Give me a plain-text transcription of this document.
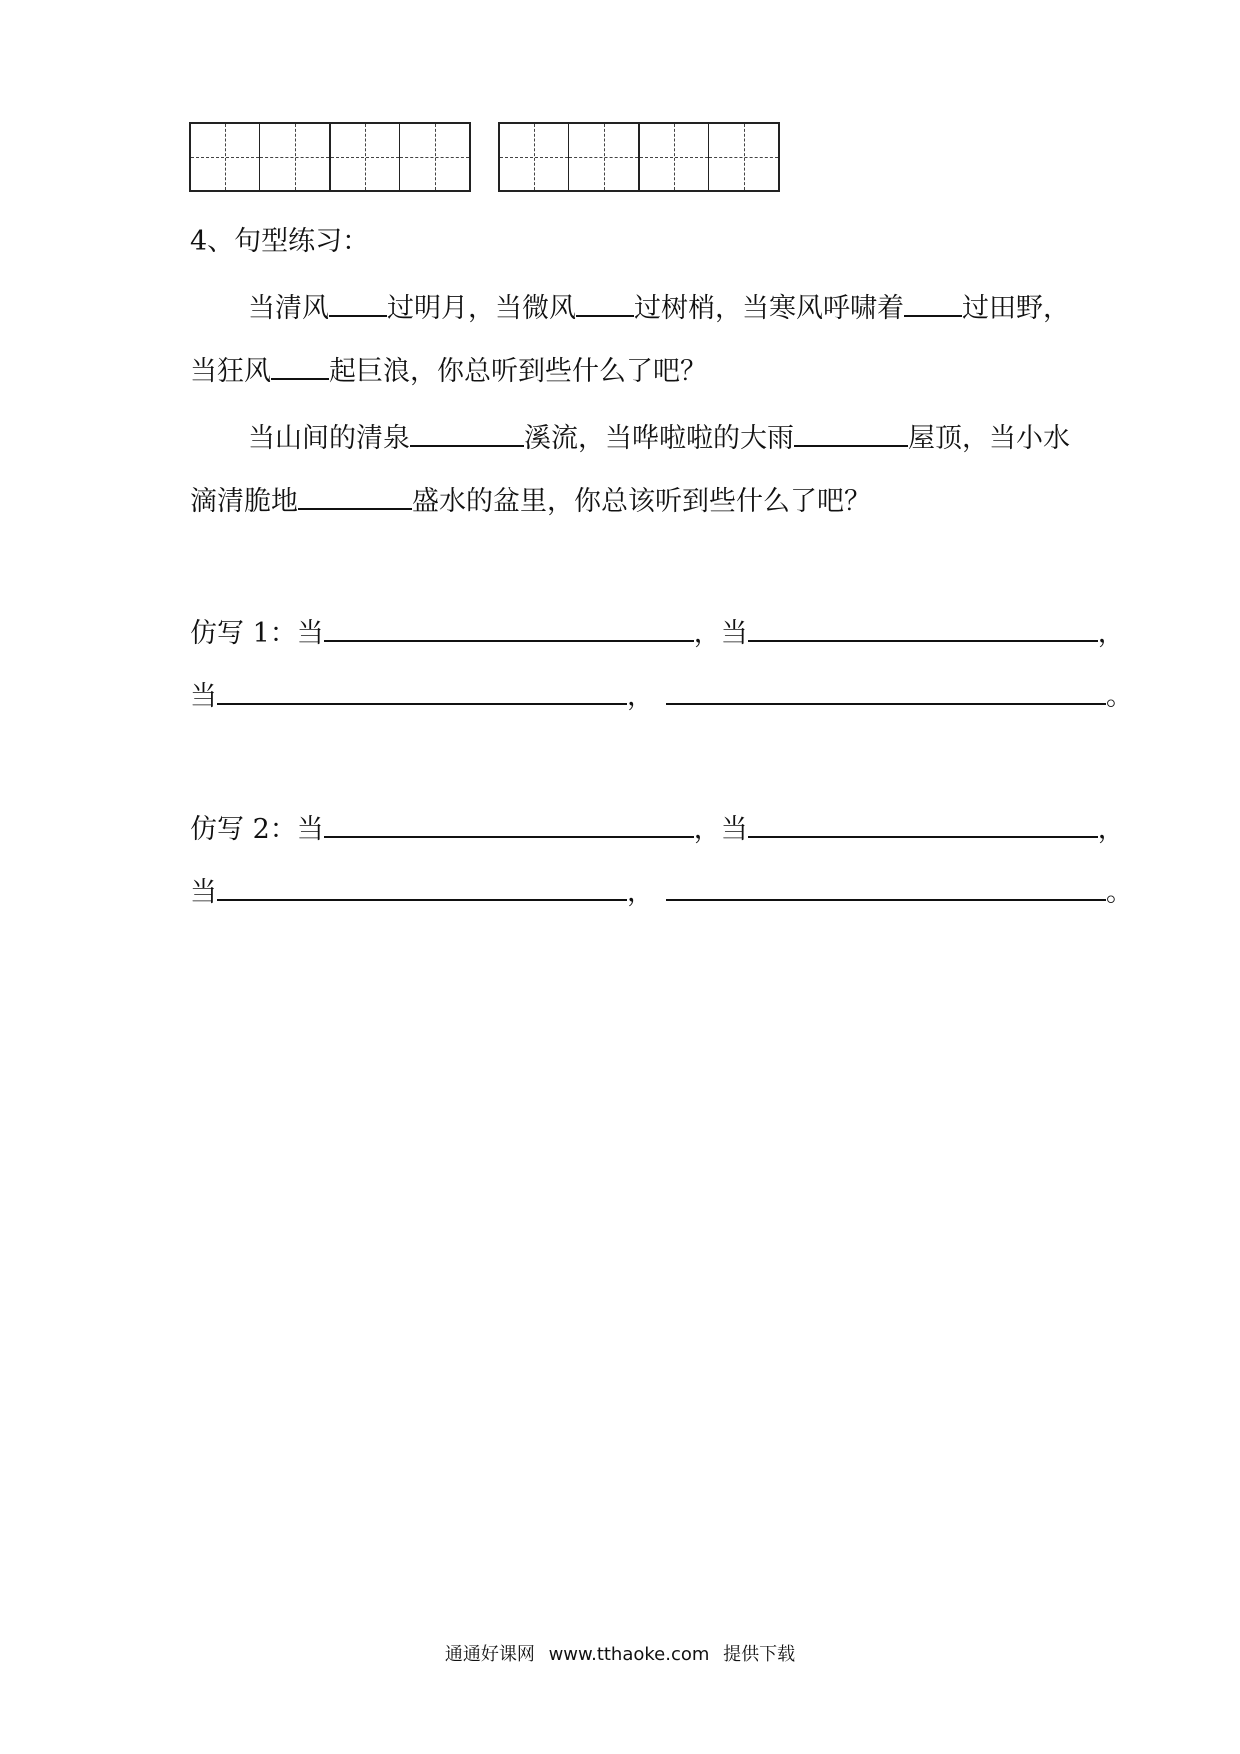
4、句型练习：
当清风 过明月，当微风 过树梢，当寒风呼啸着 过田野，
当狂风 起巨浪，你总听到些什么了吧？
当山间的清泉	溪流，当哗啦啦的大雨	屋顶，当小水
滴清脆地	盛水的盆里，你总该听到些什么了吧？
仿写 1：当	，当	，
当	，	。
仿写 2：当	，当	，
当	，	。
通通好课网 www.tthaoke.com 提供下载
